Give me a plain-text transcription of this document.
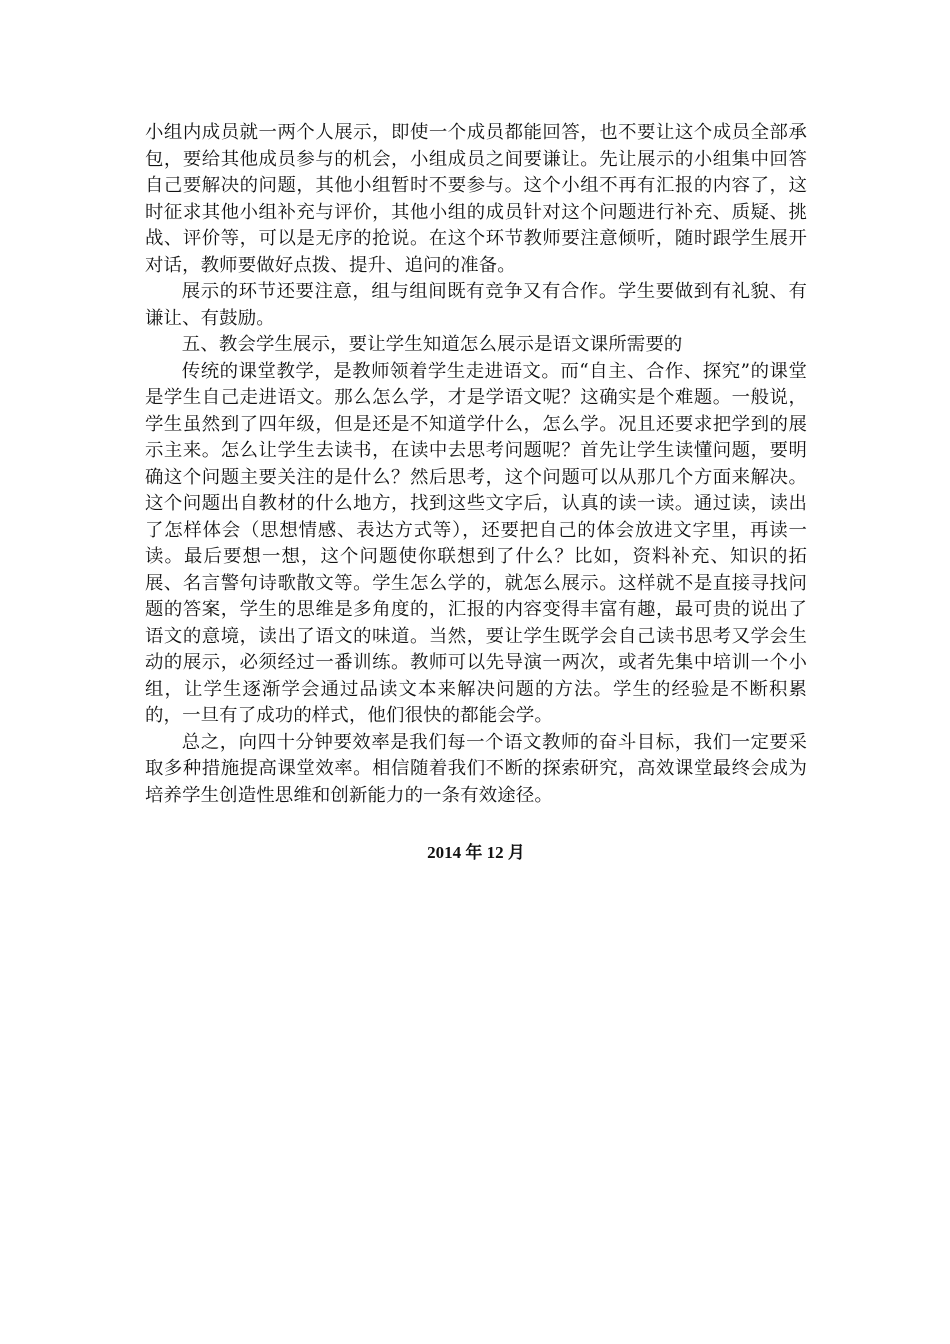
小组内成员就一两个人展示，即使一个成员都能回答，也不要让这个成员全部承包，要给其他成员参与的机会，小组成员之间要谦让。先让展示的小组集中回答自己要解决的问题，其他小组暂时不要参与。这个小组不再有汇报的内容了，这时征求其他小组补充与评价，其他小组的成员针对这个问题进行补充、质疑、挑战、评价等，可以是无序的抢说。在这个环节教师要注意倾听，随时跟学生展开对话，教师要做好点拨、提升、追问的准备。

展示的环节还要注意，组与组间既有竞争又有合作。学生要做到有礼貌、有谦让、有鼓励。

五、教会学生展示，要让学生知道怎么展示是语文课所需要的

传统的课堂教学，是教师领着学生走进语文。而“自主、合作、探究”的课堂是学生自己走进语文。那么怎么学，才是学语文呢？这确实是个难题。一般说，学生虽然到了四年级，但是还是不知道学什么，怎么学。况且还要求把学到的展示主来。怎么让学生去读书，在读中去思考问题呢？首先让学生读懂问题，要明确这个问题主要关注的是什么？然后思考，这个问题可以从那几个方面来解决。这个问题出自教材的什么地方，找到这些文字后，认真的读一读。通过读，读出了怎样体会（思想情感、表达方式等），还要把自己的体会放进文字里，再读一读。最后要想一想，这个问题使你联想到了什么？比如，资料补充、知识的拓展、名言警句诗歌散文等。学生怎么学的，就怎么展示。这样就不是直接寻找问题的答案，学生的思维是多角度的，汇报的内容变得丰富有趣，最可贵的说出了语文的意境，读出了语文的味道。当然，要让学生既学会自己读书思考又学会生动的展示，必须经过一番训练。教师可以先导演一两次，或者先集中培训一个小组，让学生逐渐学会通过品读文本来解决问题的方法。学生的经验是不断积累的，一旦有了成功的样式，他们很快的都能会学。

总之，向四十分钟要效率是我们每一个语文教师的奋斗目标，我们一定要采取多种措施提高课堂效率。相信随着我们不断的探索研究，高效课堂最终会成为培养学生创造性思维和创新能力的一条有效途径。

2014 年 12 月
